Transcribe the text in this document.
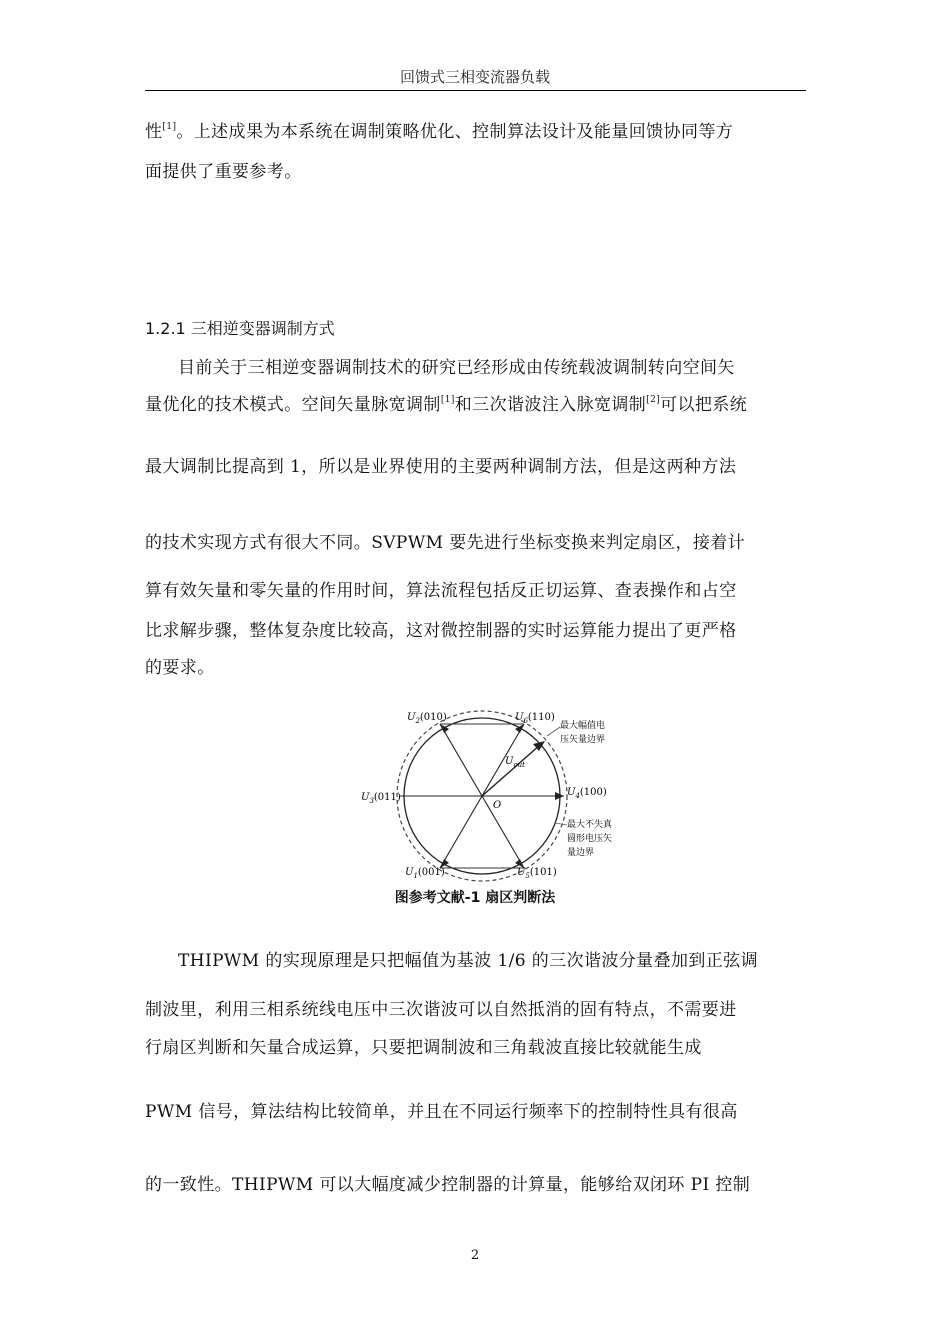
回馈式三相变流器负载
性[1]。上述成果为本系统在调制策略优化、控制算法设计及能量回馈协同等方
面提供了重要参考。
1.2.1 三相逆变器调制方式
目前关于三相逆变器调制技术的研究已经形成由传统载波调制转向空间矢
量优化的技术模式。空间矢量脉宽调制[1]和三次谐波注入脉宽调制[2]可以把系统
最大调制比提高到 1，所以是业界使用的主要两种调制方法，但是这两种方法
的技术实现方式有很大不同。SVPWM 要先进行坐标变换来判定扇区，接着计
算有效矢量和零矢量的作用时间，算法流程包括反正切运算、查表操作和占空
比求解步骤，整体复杂度比较高，这对微控制器的实时运算能力提出了更严格
的要求。
$U_2(010)$	$U_6(110)$
$U_4(100)$
$U_3(011)$
$U_1(001)$	$U_5(101)$
$U_{out}$
O
最大幅值电
压矢量边界
最大不失真
圆形电压矢
量边界
图参考文献-1 扇区判断法
THIPWM 的实现原理是只把幅值为基波 1/6 的三次谐波分量叠加到正弦调
制波里，利用三相系统线电压中三次谐波可以自然抵消的固有特点，不需要进
行扇区判断和矢量合成运算，只要把调制波和三角载波直接比较就能生成
PWM 信号，算法结构比较简单，并且在不同运行频率下的控制特性具有很高
的一致性。THIPWM 可以大幅度减少控制器的计算量，能够给双闭环 PI 控制
2
